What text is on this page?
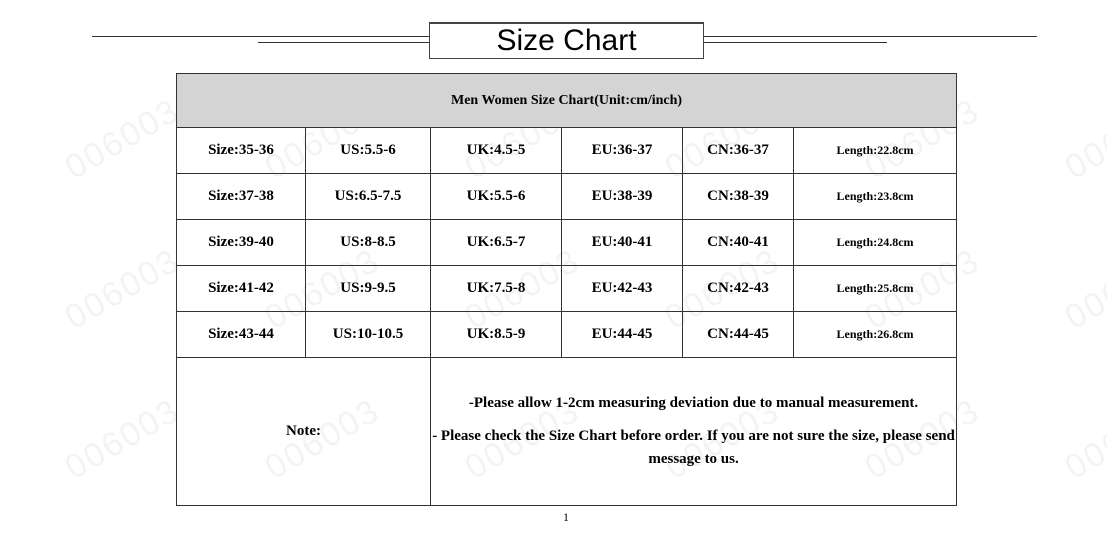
Size Chart
Men Women Size Chart(Unit:cm/inch)					
Size:35-36	US:5.5-6	UK:4.5-5	EU:36-37	CN:36-37	Length:22.8cm
Size:37-38	US:6.5-7.5	UK:5.5-6	EU:38-39	CN:38-39	Length:23.8cm
Size:39-40	US:8-8.5	UK:6.5-7	EU:40-41	CN:40-41	Length:24.8cm
Size:41-42	US:9-9.5	UK:7.5-8	EU:42-43	CN:42-43	Length:25.8cm
Size:43-44	US:10-10.5	UK:8.5-9	EU:44-45	CN:44-45	Length:26.8cm
Note:		-Please allow 1-2cm measuring deviation due to manual measurement.

- Please check the Size Chart before order. If you are not sure the size, please send message to us.			

1
